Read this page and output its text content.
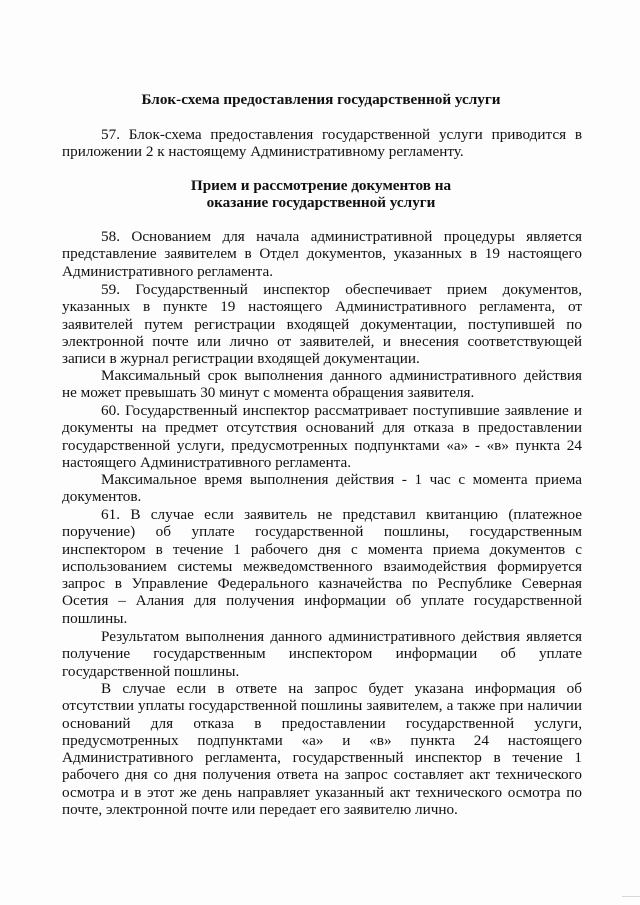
Блок-схема предоставления государственной услуги

57. Блок-схема предоставления государственной услуги приводится в приложении 2 к настоящему Административному регламенту.

Прием и рассмотрение документов на
оказание государственной услуги

58. Основанием для начала административной процедуры является представление заявителем в Отдел документов, указанных в 19 настоящего Административного регламента.

59. Государственный инспектор обеспечивает прием документов, указанных в пункте 19 настоящего Административного регламента, от заявителей путем регистрации входящей документации, поступившей по электронной почте или лично от заявителей, и внесения соответствующей записи в журнал регистрации входящей документации.

Максимальный срок выполнения данного административного действия не может превышать 30 минут с момента обращения заявителя.

60. Государственный инспектор рассматривает поступившие заявление и документы на предмет отсутствия оснований для отказа в предоставлении государственной услуги, предусмотренных подпунктами «а» - «в» пункта 24 настоящего Административного регламента.

Максимальное время выполнения действия - 1 час с момента приема документов.

61. В случае если заявитель не представил квитанцию (платежное поручение) об уплате государственной пошлины, государственным инспектором в течение 1 рабочего дня с момента приема документов с использованием системы межведомственного взаимодействия формируется запрос в Управление Федерального казначейства по Республике Северная Осетия – Алания для получения информации об уплате государственной пошлины.

Результатом выполнения данного административного действия является получение государственным инспектором информации об уплате государственной пошлины.

В случае если в ответе на запрос будет указана информация об отсутствии уплаты государственной пошлины заявителем, а также при наличии оснований для отказа в предоставлении государственной услуги, предусмотренных подпунктами «а» и «в» пункта 24 настоящего Административного регламента, государственный инспектор в течение 1 рабочего дня со дня получения ответа на запрос составляет акт технического осмотра и в этот же день направляет указанный акт технического осмотра по почте, электронной почте или передает его заявителю лично.
